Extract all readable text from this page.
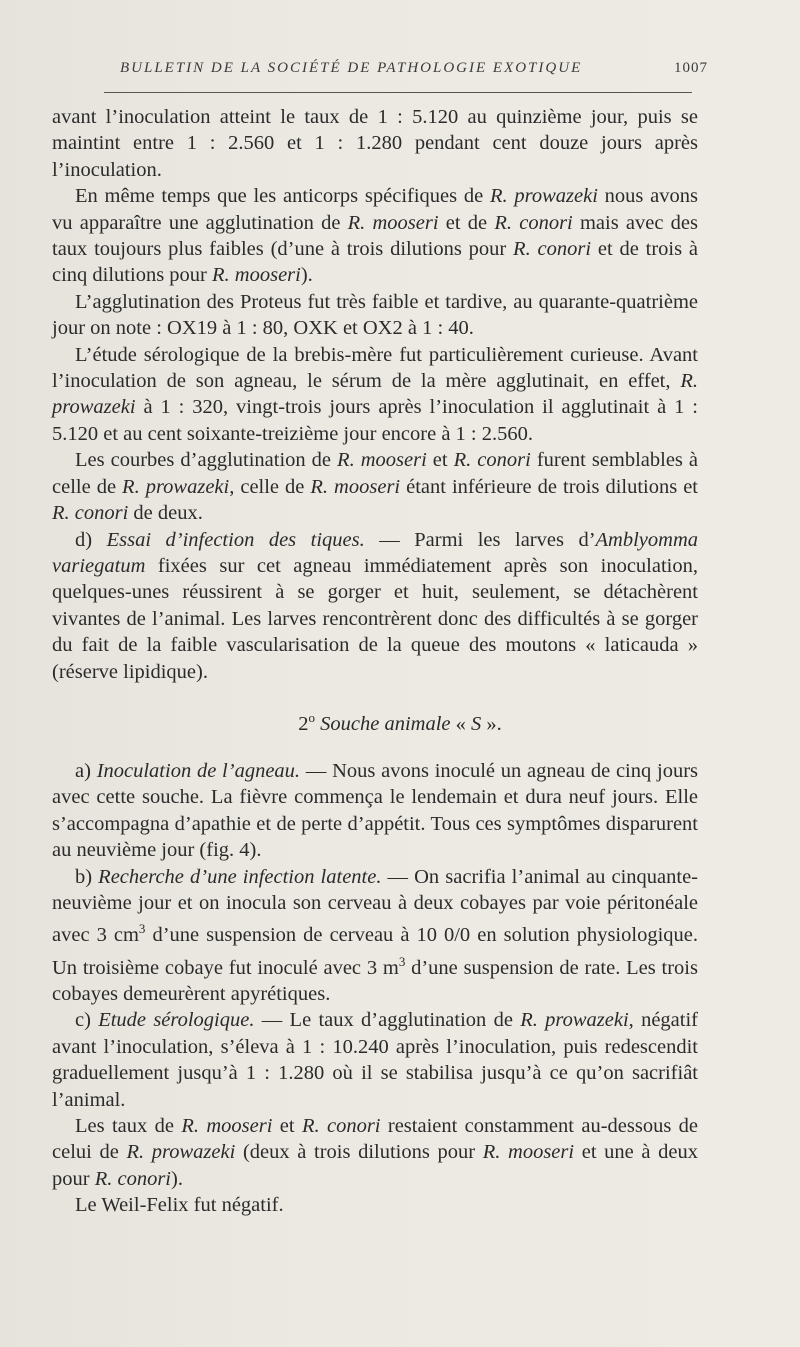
BULLETIN DE LA SOCIÉTÉ DE PATHOLOGIE EXOTIQUE	1007

avant l’inoculation atteint le taux de 1 : 5.120 au quinzième jour, puis se maintint entre 1 : 2.560 et 1 : 1.280 pendant cent douze jours après l’inoculation.

En même temps que les anticorps spécifiques de R. prowazeki nous avons vu apparaître une agglutination de R. mooseri et de R. conori mais avec des taux toujours plus faibles (d’une à trois dilutions pour R. conori et de trois à cinq dilutions pour R. mooseri).

L’agglutination des Proteus fut très faible et tardive, au quarante-quatrième jour on note : OX19 à 1 : 80, OXK et OX2 à 1 : 40.

L’étude sérologique de la brebis-mère fut particulièrement curieuse. Avant l’inoculation de son agneau, le sérum de la mère agglutinait, en effet, R. prowazeki à 1 : 320, vingt-trois jours après l’inoculation il agglutinait à 1 : 5.120 et au cent soixante-treizième jour encore à 1 : 2.560.

Les courbes d’agglutination de R. mooseri et R. conori furent semblables à celle de R. prowazeki, celle de R. mooseri étant inférieure de trois dilutions et R. conori de deux.

d) Essai d’infection des tiques. — Parmi les larves d’Amblyomma variegatum fixées sur cet agneau immédiatement après son inoculation, quelques-unes réussirent à se gorger et huit, seulement, se détachèrent vivantes de l’animal. Les larves rencontrèrent donc des difficultés à se gorger du fait de la faible vascularisation de la queue des moutons « laticauda » (réserve lipidique).

2$^o$ Souche animale « S ».

a) Inoculation de l’agneau. — Nous avons inoculé un agneau de cinq jours avec cette souche. La fièvre commença le lendemain et dura neuf jours. Elle s’accompagna d’apathie et de perte d’appétit. Tous ces symptômes disparurent au neuvième jour (fig. 4).

b) Recherche d’une infection latente. — On sacrifia l’animal au cinquante-neuvième jour et on inocula son cerveau à deux cobayes par voie péritonéale avec 3 $cm^3$ d’une suspension de cerveau à 10 0/0 en solution physiologique. Un troisième cobaye fut inoculé avec 3 $m^3$ d’une suspension de rate. Les trois cobayes demeurèrent apyrétiques.

c) Etude sérologique. — Le taux d’agglutination de R. prowazeki, négatif avant l’inoculation, s’éleva à 1 : 10.240 après l’inoculation, puis redescendit graduellement jusqu’à 1 : 1.280 où il se stabilisa jusqu’à ce qu’on sacrifiât l’animal.

Les taux de R. mooseri et R. conori restaient constamment au-dessous de celui de R. prowazeki (deux à trois dilutions pour R. mooseri et une à deux pour R. conori).

Le Weil-Felix fut négatif.
